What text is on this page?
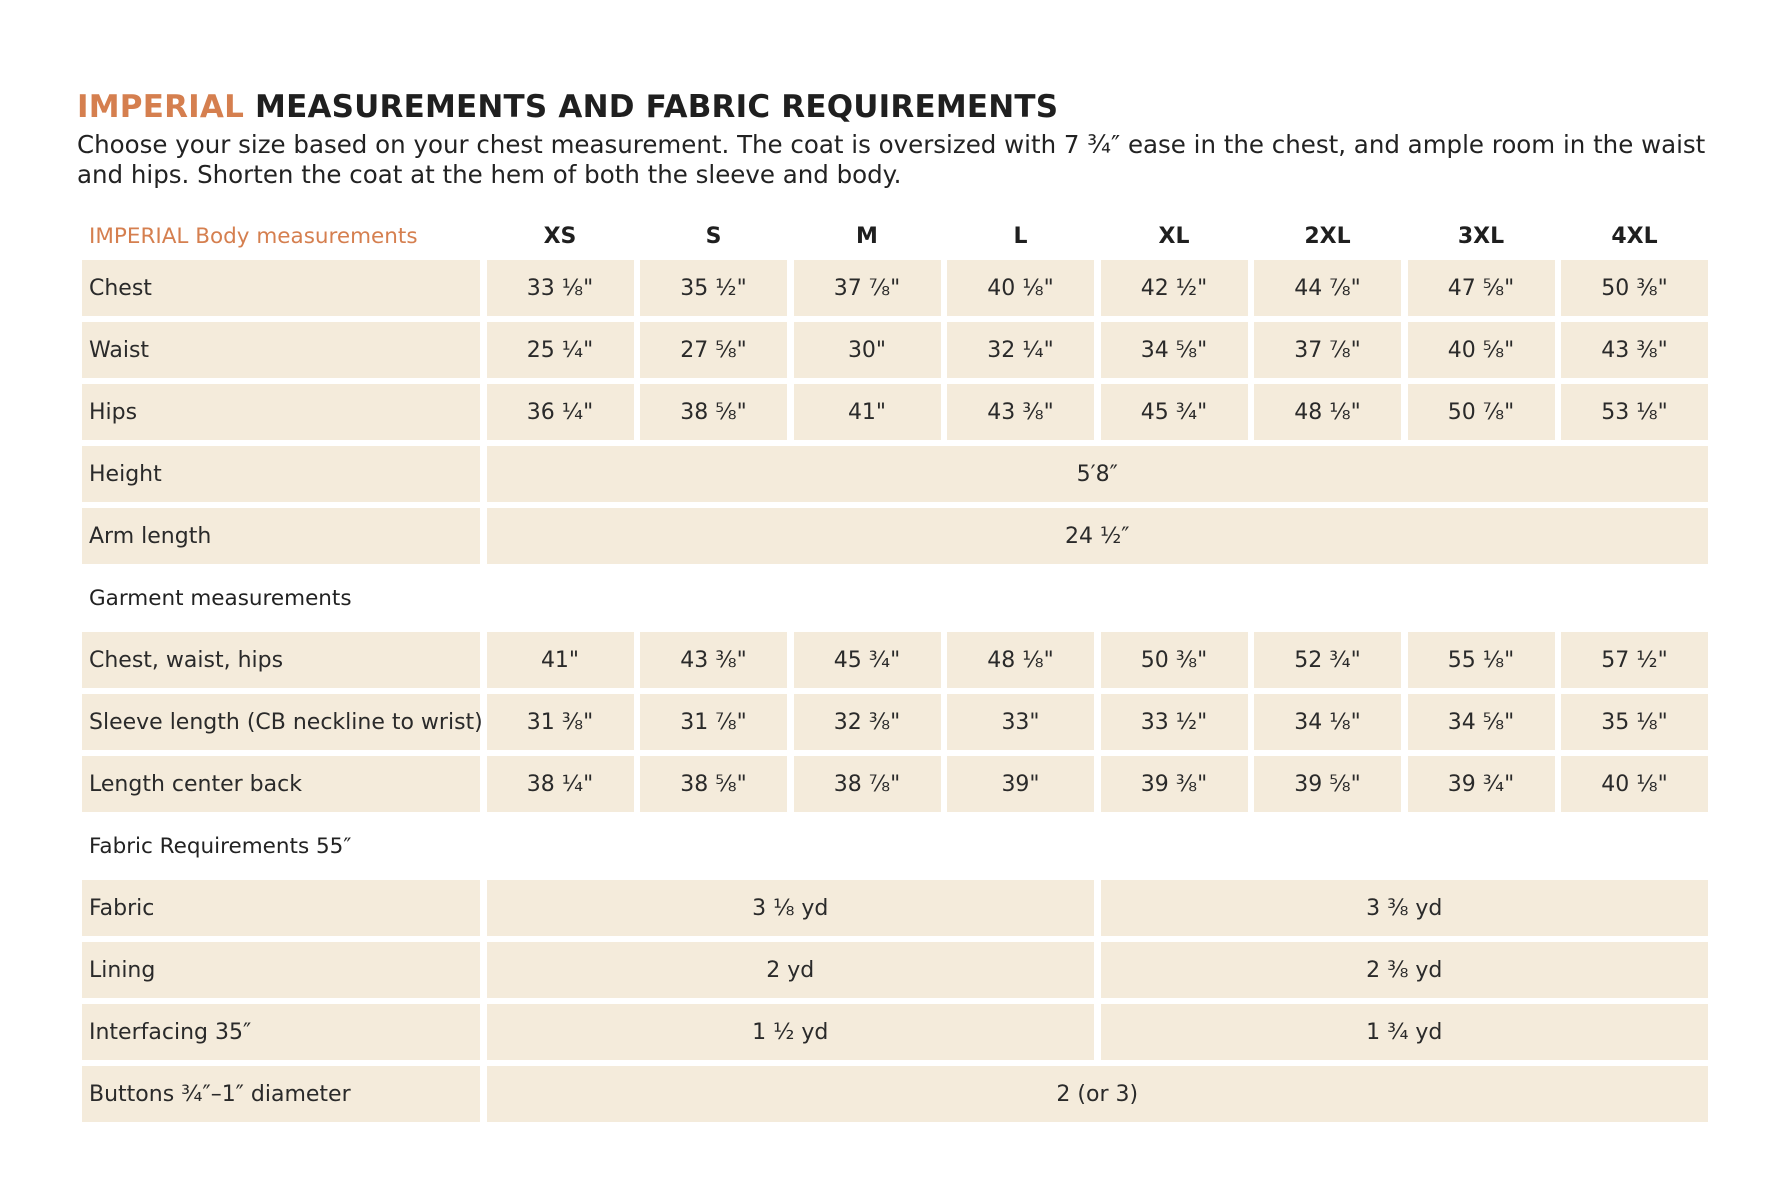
IMPERIAL MEASUREMENTS AND FABRIC REQUIREMENTS

Choose your size based on your chest measurement. The coat is oversized with 7 ¾″ ease in the chest, and ample room in the waist and hips. Shorten the coat at the hem of both the sleeve and body.

IMPERIAL Body measurements	XS	S	M	L	XL	2XL	3XL	4XL
Chest	33 ⅛"	35 ½"	37 ⅞"	40 ⅛"	42 ½"	44 ⅞"	47 ⅝"	50 ⅜"
Waist	25 ¼"	27 ⅝"	30"	32 ¼"	34 ⅝"	37 ⅞"	40 ⅝"	43 ⅜"
Hips	36 ¼"	38 ⅝"	41"	43 ⅜"	45 ¾"	48 ⅛"	50 ⅞"	53 ⅛"
Height	5′8″
Arm length	24 ½″
Garment measurements
Chest, waist, hips	41"	43 ⅜"	45 ¾"	48 ⅛"	50 ⅜"	52 ¾"	55 ⅛"	57 ½"
Sleeve length (CB neckline to wrist)	31 ⅜"	31 ⅞"	32 ⅜"	33"	33 ½"	34 ⅛"	34 ⅝"	35 ⅛"
Length center back	38 ¼"	38 ⅝"	38 ⅞"	39"	39 ⅜"	39 ⅝"	39 ¾"	40 ⅛"
Fabric Requirements 55″
Fabric	3 ⅛ yd	3 ⅜ yd
Lining	2 yd	2 ⅜ yd
Interfacing 35″	1 ½ yd	1 ¾ yd
Buttons ¾″–1″ diameter	2 (or 3)
